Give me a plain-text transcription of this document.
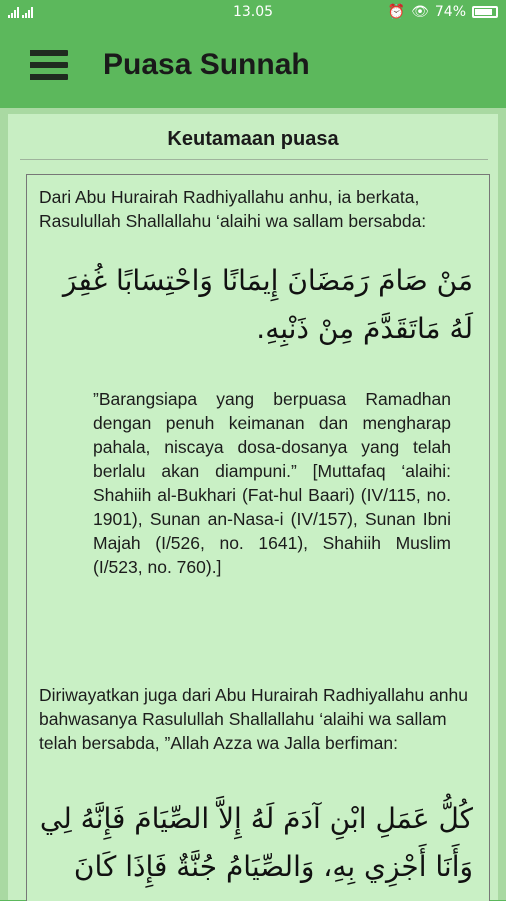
13.05	⏰ 👁 74%
Puasa Sunnah
Keutamaan puasa
Dari Abu Hurairah Radhiyallahu anhu, ia berkata, Rasulullah Shallallahu ‘alaihi wa sallam bersabda:
مَنْ صَامَ رَمَضَانَ إِيمَانًا وَاحْتِسَابًا غُفِرَ لَهُ مَاتَقَدَّمَ مِنْ ذَنْبِهِ.
”Barangsiapa yang berpuasa Ramadhan dengan penuh keimanan dan mengharap pahala, niscaya dosa-dosanya yang telah berlalu akan diampuni.” [Muttafaq ‘alaihi: Shahiih al-Bukhari (Fat-hul Baari) (IV/115, no. 1901), Sunan an-Nasa-i (IV/157), Sunan Ibni Majah (I/526, no. 1641), Shahiih Muslim (I/523, no. 760).]
Diriwayatkan juga dari Abu Hurairah Radhiyallahu anhu bahwasanya Rasulullah Shallallahu ‘alaihi wa sallam telah bersabda, ”Allah Azza wa Jalla berfiman:
كُلُّ عَمَلِ ابْنِ آدَمَ لَهُ إِلاَّ الصِّيَامَ فَإِنَّهُ لِي وَأَنَا أَجْزِي بِهِ، وَالصِّيَامُ جُنَّةٌ فَإِذَا كَانَ
